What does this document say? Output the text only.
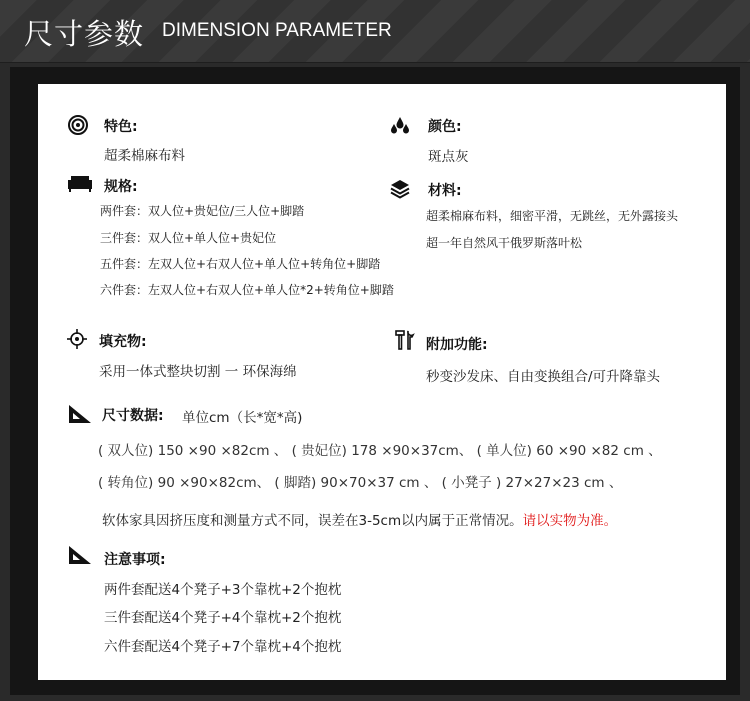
尺寸参数 DIMENSION PARAMETER
特色:
超柔棉麻布料
颜色:
斑点灰
规格:
两件套：双人位+贵妃位/三人位+脚踏
三件套：双人位+单人位+贵妃位
五件套：左双人位+右双人位+单人位+转角位+脚踏
六件套：左双人位+右双人位+单人位*2+转角位+脚踏
材料:
超柔棉麻布料，细密平滑，无跳丝，无外露接头
超一年自然风干俄罗斯落叶松
填充物:
采用一体式整块切割 一 环保海绵
附加功能:
秒变沙发床、自由变换组合/可升降靠头
尺寸数据: 单位cm（长*宽*高)
( 双人位) 150 ×90 ×82cm 、 ( 贵妃位) 178 ×90×37cm、 ( 单人位) 60 ×90 ×82 cm 、
( 转角位) 90 ×90×82cm、 ( 脚踏) 90×70×37 cm 、 ( 小凳子 ) 27×27×23 cm 、
软体家具因挤压度和测量方式不同，误差在3-5cm以内属于正常情况。请以实物为准。
注意事项:
两件套配送4个凳子+3个靠枕+2个抱枕
三件套配送4个凳子+4个靠枕+2个抱枕
六件套配送4个凳子+7个靠枕+4个抱枕
